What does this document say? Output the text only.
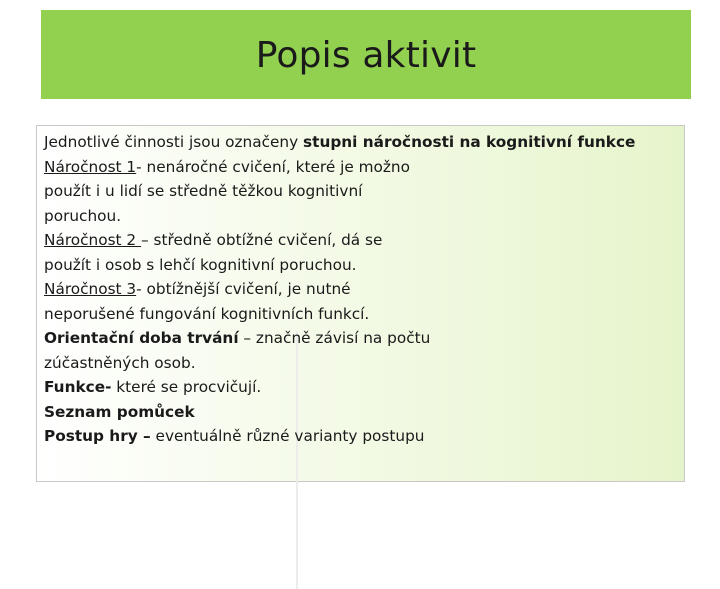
Popis aktivit
Jednotlivé činnosti jsou označeny stupni náročnosti na kognitivní funkce
Náročnost 1- nenáročné cvičení, které je možno
použít i u lidí se středně těžkou kognitivní
poruchou.
Náročnost 2 – středně obtížné cvičení, dá se
použít i osob s lehčí kognitivní poruchou.
Náročnost 3- obtížnější cvičení, je nutné
neporušené fungování kognitivních funkcí.
Orientační doba trvání – značně závisí na počtu
zúčastněných osob.
Funkce- které se procvičují.
Seznam pomůcek
Postup hry – eventuálně různé varianty postupu
